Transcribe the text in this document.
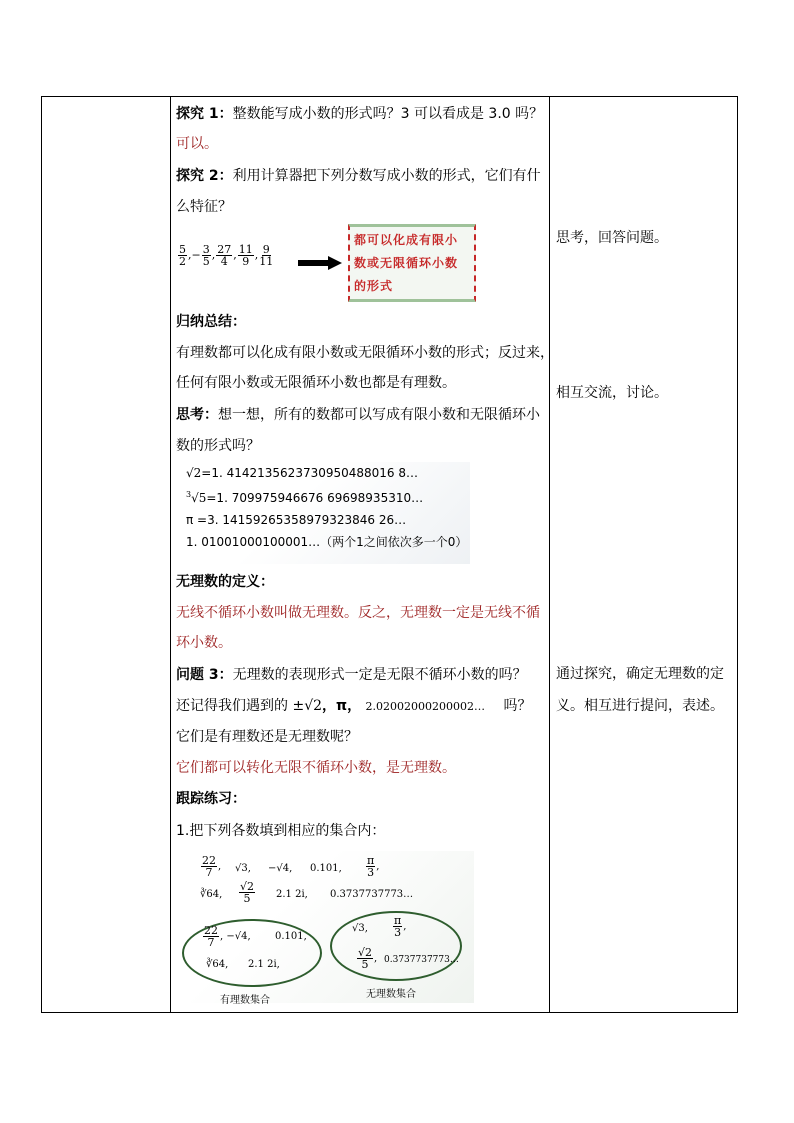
探究 1：整数能写成小数的形式吗？3 可以看成是 3.0 吗？
可以。
探究 2：利用计算器把下列分数写成小数的形式，它们有什
么特征？
$\frac{5}{2}$ ,− $\frac{3}{5}$ , $\frac{27}{4}$ , $\frac{11}{9}$ , $\frac{9}{11}$
都可以化成有限小
数或无限循环小数
的形式
归纳总结：
有理数都可以化成有限小数或无限循环小数的形式；反过来，
任何有限小数或无限循环小数也都是有理数。
思考：想一想，所有的数都可以写成有限小数和无限循环小
数的形式吗？
√2=1. 4142135623730950488016 8…
$^3$√5=1. 709975946676 69698935310…
π =3. 14159265358979323846 26…
1. 01001000100001…（两个1之间依次多一个0）
无理数的定义：
无线不循环小数叫做无理数。反之，无理数一定是无线不循
环小数。
问题 3：无理数的表现形式一定是无限不循环小数的吗？
还记得我们遇到的 ±√2，π， 2.02002000200002… 吗？
它们是有理数还是无理数呢？
它们都可以转化无限不循环小数，是无理数。
跟踪练习：
1.把下列各数填到相应的集合内：
$\frac{22}{7}$ , √3, −√4, 0.101, $\frac{\pi}{3}$ ,
∛64, $\frac{√2}{5} 2.1$ 2i̇, 0.3737737773…
$\frac{22}{7}$ , −√4, 0.101,
∛64, 2.1 2i̇,
有理数集合
√3, $\frac{\pi}{3}$ ,
$\frac{√2}{5}$ , 0.3737737773…
无理数集合
思考，回答问题。
相互交流，讨论。
通过探究，确定无理数的定
义。相互进行提问，表述。
